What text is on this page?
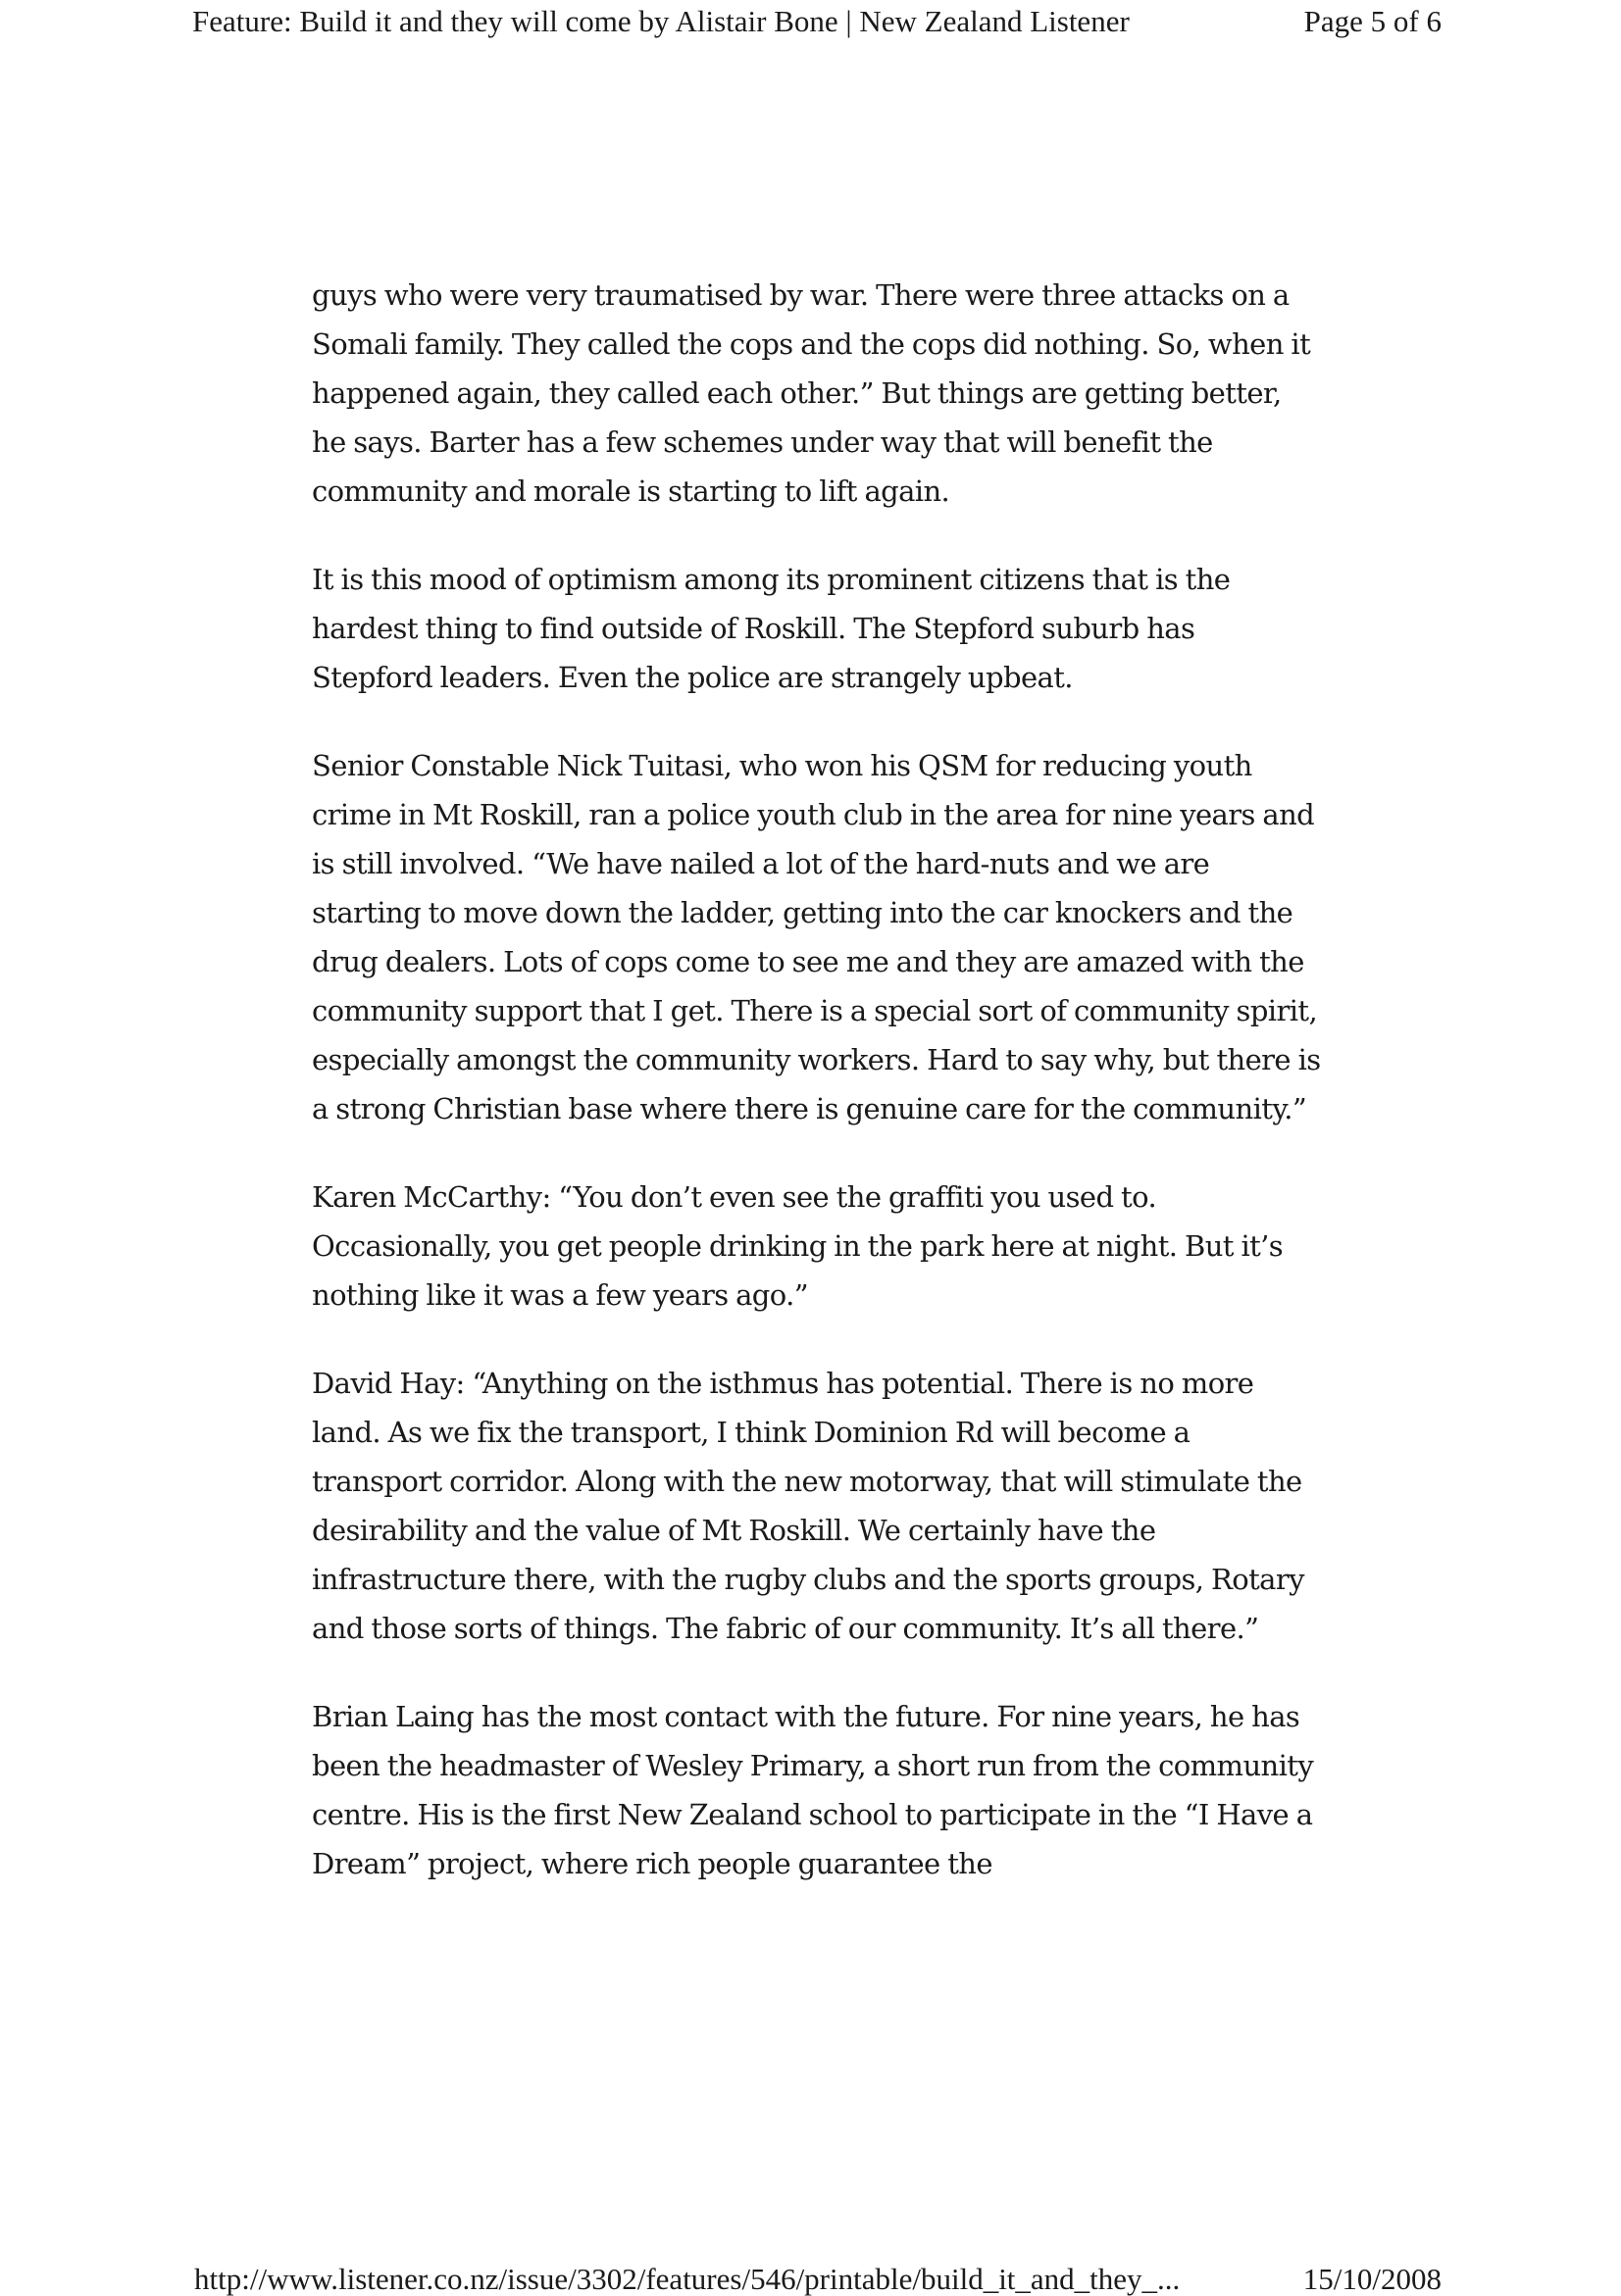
Feature: Build it and they will come by Alistair Bone | New Zealand Listener	Page 5 of 6

guys who were very traumatised by war. There were three attacks on a Somali family. They called the cops and the cops did nothing. So, when it happened again, they called each other.” But things are getting better, he says. Barter has a few schemes under way that will benefit the community and morale is starting to lift again.

It is this mood of optimism among its prominent citizens that is the hardest thing to find outside of Roskill. The Stepford suburb has Stepford leaders. Even the police are strangely upbeat.

Senior Constable Nick Tuitasi, who won his QSM for reducing youth crime in Mt Roskill, ran a police youth club in the area for nine years and is still involved. “We have nailed a lot of the hard-nuts and we are starting to move down the ladder, getting into the car knockers and the drug dealers. Lots of cops come to see me and they are amazed with the community support that I get. There is a special sort of community spirit, especially amongst the community workers. Hard to say why, but there is a strong Christian base where there is genuine care for the community.”

Karen McCarthy: “You don’t even see the graffiti you used to. Occasionally, you get people drinking in the park here at night. But it’s nothing like it was a few years ago.”

David Hay: “Anything on the isthmus has potential. There is no more land. As we fix the transport, I think Dominion Rd will become a transport corridor. Along with the new motorway, that will stimulate the desirability and the value of Mt Roskill. We certainly have the infrastructure there, with the rugby clubs and the sports groups, Rotary and those sorts of things. The fabric of our community. It’s all there.”

Brian Laing has the most contact with the future. For nine years, he has been the headmaster of Wesley Primary, a short run from the community centre. His is the first New Zealand school to participate in the “I Have a Dream” project, where rich people guarantee the

http://www.listener.co.nz/issue/3302/features/546/printable/build_it_and_they_...	15/10/2008
